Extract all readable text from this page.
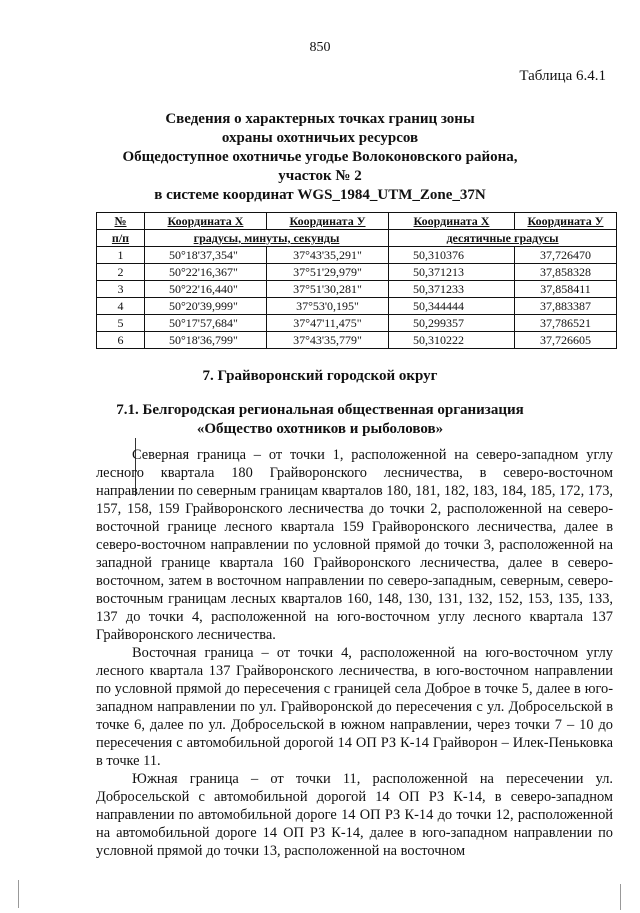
850
Таблица 6.4.1
Сведения о характерных точках границ зоны
охраны охотничьих ресурсов
Общедоступное охотничье угодье Волоконовского района,
участок № 2
в системе координат WGS_1984_UTM_Zone_37N
№	Координата X	Координата У	Координата X	Координата У
п/п	градусы, минуты, секунды		десятичные градусы	
1	50°18'37,354"	37°43'35,291"	50,310376	37,726470
2	50°22'16,367"	37°51'29,979"	50,371213	37,858328
3	50°22'16,440"	37°51'30,281"	50,371233	37,858411
4	50°20'39,999"	37°53'0,195"	50,344444	37,883387
5	50°17'57,684"	37°47'11,475"	50,299357	37,786521
6	50°18'36,799"	37°43'35,779"	50,310222	37,726605
7. Грайворонский городской округ
7.1. Белгородская региональная общественная организация
«Общество охотников и рыболовов»

Северная граница – от точки 1, расположенной на северо-западном углу лесного квартала 180 Грайворонского лесничества, в северо-восточном направлении по северным границам кварталов 180, 181, 182, 183, 184, 185, 172, 173, 157, 158, 159 Грайворонского лесничества до точки 2, расположенной на северо-восточной границе лесного квартала 159 Грайворонского лесничества, далее в северо-восточном направлении по условной прямой до точки 3, расположенной на западной границе квартала 160 Грайворонского лесничества, далее в северо-восточном, затем в восточном направлении по северо-западным, северным, северо-восточным границам лесных кварталов 160, 148, 130, 131, 132, 152, 153, 135, 133, 137 до точки 4, расположенной на юго-восточном углу лесного квартала 137 Грайворонского лесничества.

Восточная граница – от точки 4, расположенной на юго-восточном углу лесного квартала 137 Грайворонского лесничества, в юго-восточном направлении по условной прямой до пересечения с границей села Доброе в точке 5, далее в юго-западном направлении по ул. Грайворонской до пересечения с ул. Добросельской в точке 6, далее по ул. Добросельской в южном направлении, через точки 7 – 10 до пересечения с автомобильной дорогой 14 ОП РЗ К-14 Грайворон – Илек-Пеньковка в точке 11.

Южная граница – от точки 11, расположенной на пересечении ул. Добросельской с автомобильной дорогой 14 ОП РЗ К-14, в северо-западном направлении по автомобильной дороге 14 ОП РЗ К-14 до точки 12, расположенной на автомобильной дороге 14 ОП РЗ К-14, далее в юго-западном направлении по условной прямой до точки 13, расположенной на восточном
